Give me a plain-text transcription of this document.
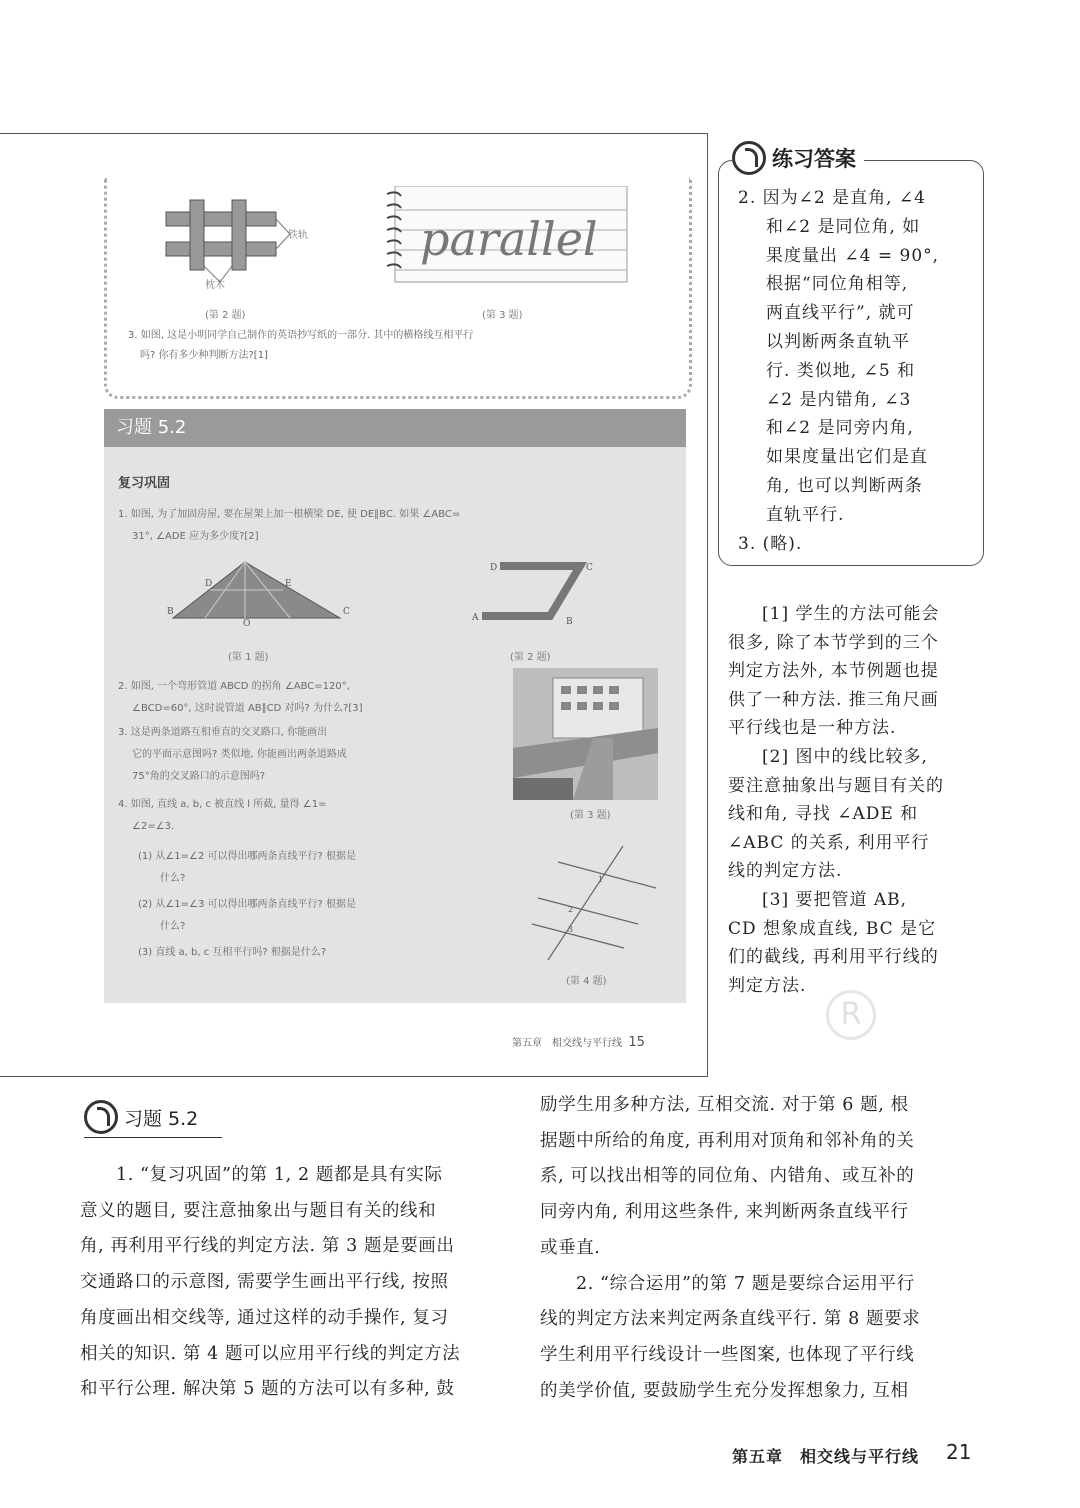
铁轨
枕木
parallel
(第 2 题)	(第 3 题)
3. 如图, 这是小明同学自己制作的英语抄写纸的一部分. 其中的横格线互相平行
吗? 你有多少种判断方法?[1]
习题 5.2
复习巩固
1. 如图, 为了加固房屋, 要在屋架上加一根横梁 DE, 使 DE∥BC. 如果 ∠ABC=
31°, ∠ADE 应为多少度?[2]
B	C
D	E
O
D	C
A	B
(第 1 题)	(第 2 题)
2. 如图, 一个弯形管道 ABCD 的拐角 ∠ABC=120°,
∠BCD=60°, 这时说管道 AB∥CD 对吗? 为什么?[3]
3. 这是两条道路互相垂直的交叉路口, 你能画出
它的平面示意图吗? 类似地, 你能画出两条道路成
75°角的交叉路口的示意图吗?
(第 3 题)
4. 如图, 直线 a, b, c 被直线 l 所截, 量得 ∠1=
∠2=∠3.
(1) 从∠1=∠2 可以得出哪两条直线平行? 根据是
什么?
(2) 从∠1=∠3 可以得出哪两条直线平行? 根据是
什么?
(3) 直线 a, b, c 互相平行吗? 根据是什么?
1
2
3
(第 4 题)
第五章　相交线与平行线 15
R
练习答案
2. 因为∠2 是直角, ∠4
和∠2 是同位角, 如
果度量出 ∠4 = 90°,
根据“同位角相等,
两直线平行”, 就可
以判断两条直轨平
行. 类似地, ∠5 和
∠2 是内错角, ∠3
和∠2 是同旁内角,
如果度量出它们是直
角, 也可以判断两条
直轨平行.
3. (略).
[1] 学生的方法可能会
很多, 除了本节学到的三个
判定方法外, 本节例题也提
供了一种方法. 推三角尺画
平行线也是一种方法.
[2] 图中的线比较多,
要注意抽象出与题目有关的
线和角, 寻找 ∠ADE 和
∠ABC 的关系, 利用平行
线的判定方法.
[3] 要把管道 AB,
CD 想象成直线, BC 是它
们的截线, 再利用平行线的
判定方法.
习题 5.2
1. “复习巩固”的第 1, 2 题都是具有实际
意义的题目, 要注意抽象出与题目有关的线和
角, 再利用平行线的判定方法. 第 3 题是要画出
交通路口的示意图, 需要学生画出平行线, 按照
角度画出相交线等, 通过这样的动手操作, 复习
相关的知识. 第 4 题可以应用平行线的判定方法
和平行公理. 解决第 5 题的方法可以有多种, 鼓
励学生用多种方法, 互相交流. 对于第 6 题, 根
据题中所给的角度, 再利用对顶角和邻补角的关
系, 可以找出相等的同位角、内错角、或互补的
同旁内角, 利用这些条件, 来判断两条直线平行
或垂直.
2. “综合运用”的第 7 题是要综合运用平行
线的判定方法来判定两条直线平行. 第 8 题要求
学生利用平行线设计一些图案, 也体现了平行线
的美学价值, 要鼓励学生充分发挥想象力, 互相
第五章　相交线与平行线 21
